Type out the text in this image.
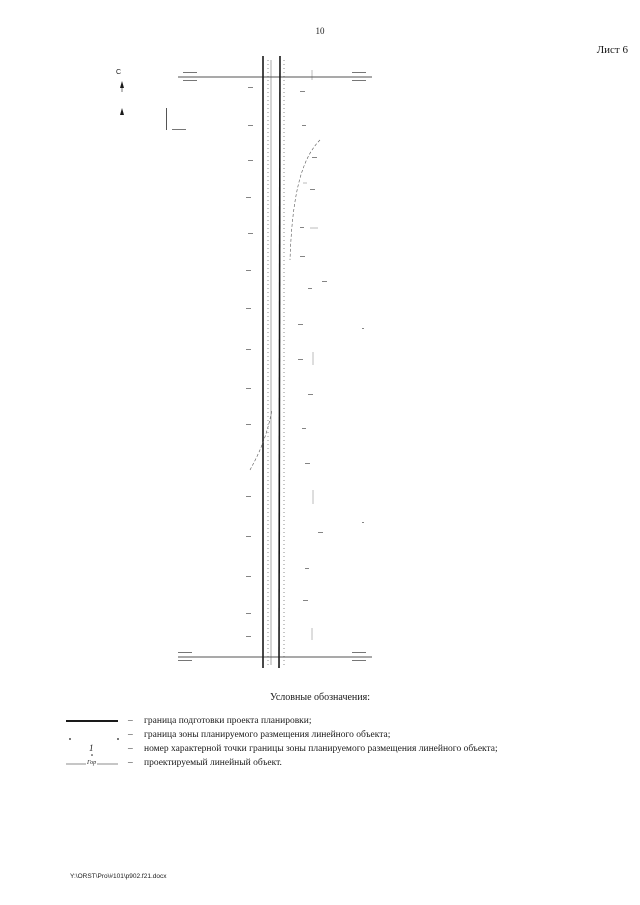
10
Лист 6
С
Условные обозначения:
– граница подготовки проекта планировки;
– граница зоны планируемого размещения линейного объекта;
1	– номер характерной точки границы зоны планируемого размещения линейного объекта;
Гор	– проектируемый линейный объект.
Y:\ORST\Pro\#101\p902.f21.docx
